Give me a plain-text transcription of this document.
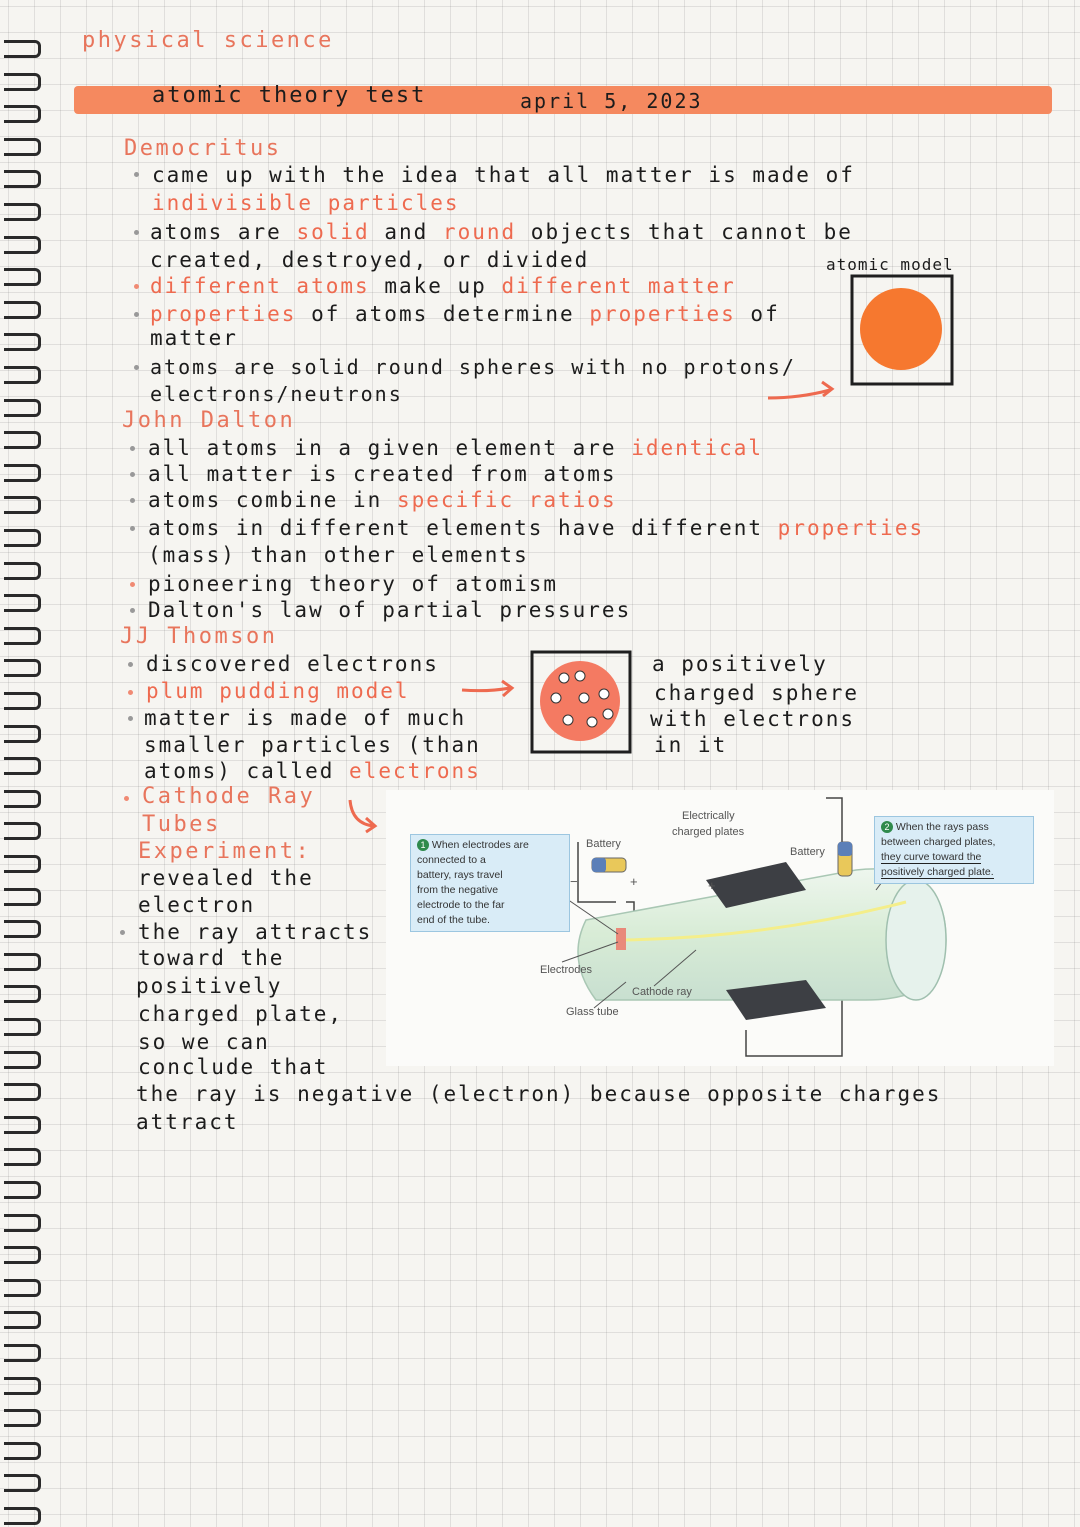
physical science
atomic theory test	april 5, 2023
Democritus
came up with the idea that all matter is made of
indivisible particles
atoms are solid and round objects that cannot be
created, destroyed, or divided	atomic model
different atoms make up different matter
properties of atoms determine properties of
matter
atoms are solid round spheres with no protons/
electrons/neutrons
John Dalton
all atoms in a given element are identical
all matter is created from atoms
atoms combine in specific ratios
atoms in different elements have different properties
(mass) than other elements
pioneering theory of atomism
Dalton's law of partial pressures
JJ Thomson
discovered electrons
plum pudding model
matter is made of much
smaller particles (than
atoms) called electrons
a positively
charged sphere
with electrons
in it
Cathode Ray
Tubes
Experiment:
revealed the
electron
the ray attracts
toward the
positively
charged plate,
so we can
conclude that
the ray is negative (electron) because opposite charges
attract
1 When electrodes are
connected to a
battery, rays travel
from the negative
electrode to the far
end of the tube.
2 When the rays pass
between charged plates,
they curve toward the
positively charged plate.
Battery
−	+
Battery
Electrically
charged plates
+
Electrodes
Glass tube
Cathode ray
